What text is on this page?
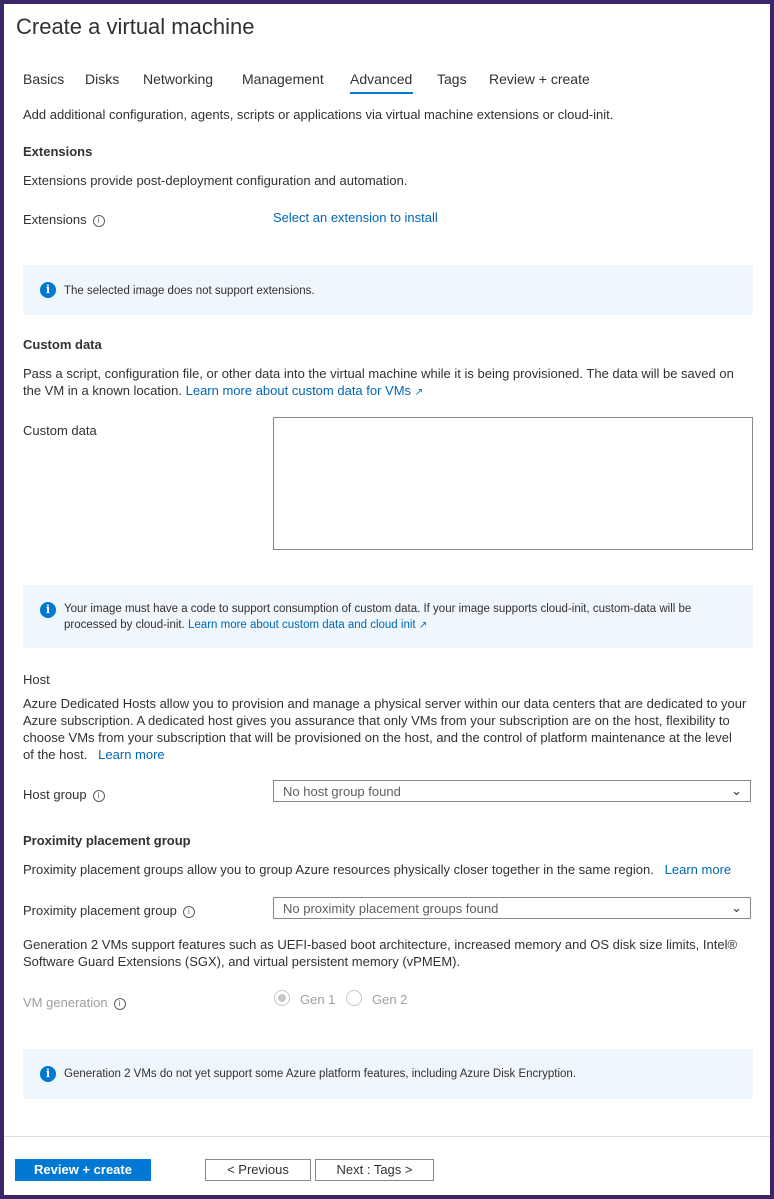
Create a virtual machine
Basics Disks Networking Management Advanced Tags Review + create
Add additional configuration, agents, scripts or applications via virtual machine extensions or cloud-init.
Extensions
Extensions provide post-deployment configuration and automation.
Extensions i	Select an extension to install
i	The selected image does not support extensions.
Custom data
Pass a script, configuration file, or other data into the virtual machine while it is being provisioned. The data will be saved on
the VM in a known location. Learn more about custom data for VMs ↗
Custom data
i	Your image must have a code to support consumption of custom data. If your image supports cloud-init, custom-data will be
processed by cloud-init. Learn more about custom data and cloud init ↗
Host
Azure Dedicated Hosts allow you to provision and manage a physical server within our data centers that are dedicated to your
Azure subscription. A dedicated host gives you assurance that only VMs from your subscription are on the host, flexibility to
choose VMs from your subscription that will be provisioned on the host, and the control of platform maintenance at the level
of the host. Learn more
Host group i	No host group found	⌄
Proximity placement group
Proximity placement groups allow you to group Azure resources physically closer together in the same region. Learn more
Proximity placement group i	No proximity placement groups found	⌄
Generation 2 VMs support features such as UEFI-based boot architecture, increased memory and OS disk size limits, Intel®
Software Guard Extensions (SGX), and virtual persistent memory (vPMEM).
VM generation i	Gen 1	Gen 2
i	Generation 2 VMs do not yet support some Azure platform features, including Azure Disk Encryption.
Review + create	< Previous	Next : Tags >
